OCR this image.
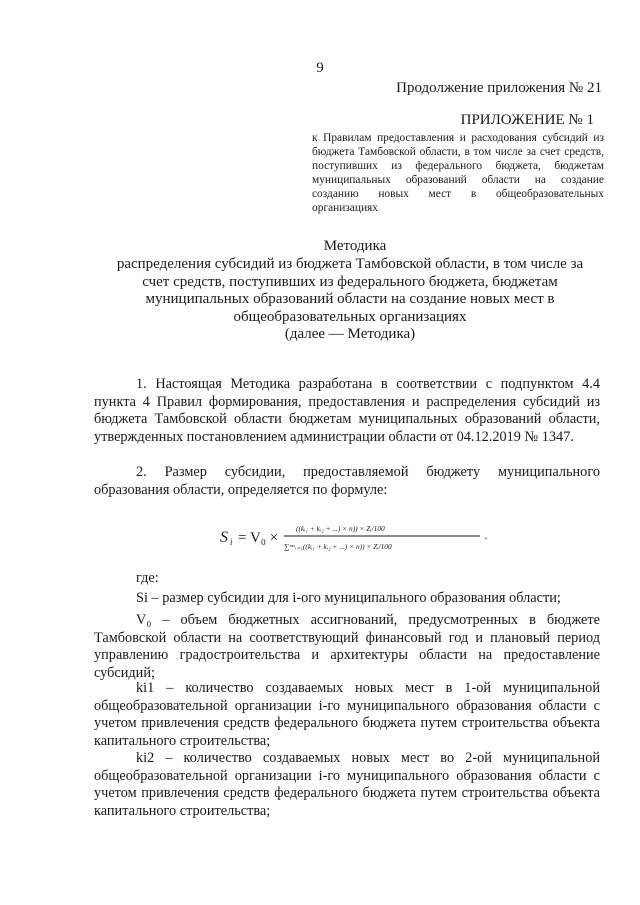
9
Продолжение приложения № 21
ПРИЛОЖЕНИЕ № 1
к Правилам предоставления и расходования субсидий из бюджета Тамбовской области, в том числе за счет средств, поступивших из федерального бюджета, бюджетам муниципальных образований области на создание созданию новых мест в общеобразовательных организациях
Методика
распределения субсидий из бюджета Тамбовской области, в том числе за
счет средств, поступивших из федерального бюджета, бюджетам
муниципальных образований области на создание новых мест в
общеобразовательных организациях
(далее — Методика)
1. Настоящая Методика разработана в соответствии с подпунктом 4.4 пункта 4 Правил формирования, предоставления и распределения субсидий из бюджета Тамбовской области бюджетам муниципальных образований области, утвержденных постановлением администрации области от 04.12.2019 № 1347.
2. Размер субсидии, предоставляемой бюджету муниципального образования области, определяется по формуле:
S i = V₀ ×
((kᵢ₁ + kᵢ₂ + ...) × n)) × Zᵢ/100
∑ᵐᵃᵢ₌₁((kᵢ₁ + kᵢ₂ + ...) × n)) × Zᵢ/100
·
где:
Si – размер субсидии для i-ого муниципального образования области;
V₀ – объем бюджетных ассигнований, предусмотренных в бюджете Тамбовской области на соответствующий финансовый год и плановый период управлению градостроительства и архитектуры области на предоставление субсидий;
ki1 – количество создаваемых новых мест в 1-ой муниципальной общеобразовательной организации i-го муниципального образования области с учетом привлечения средств федерального бюджета путем строительства объекта капитального строительства;
ki2 – количество создаваемых новых мест во 2-ой муниципальной общеобразовательной организации i-го муниципального образования области с учетом привлечения средств федерального бюджета путем строительства объекта капитального строительства;
